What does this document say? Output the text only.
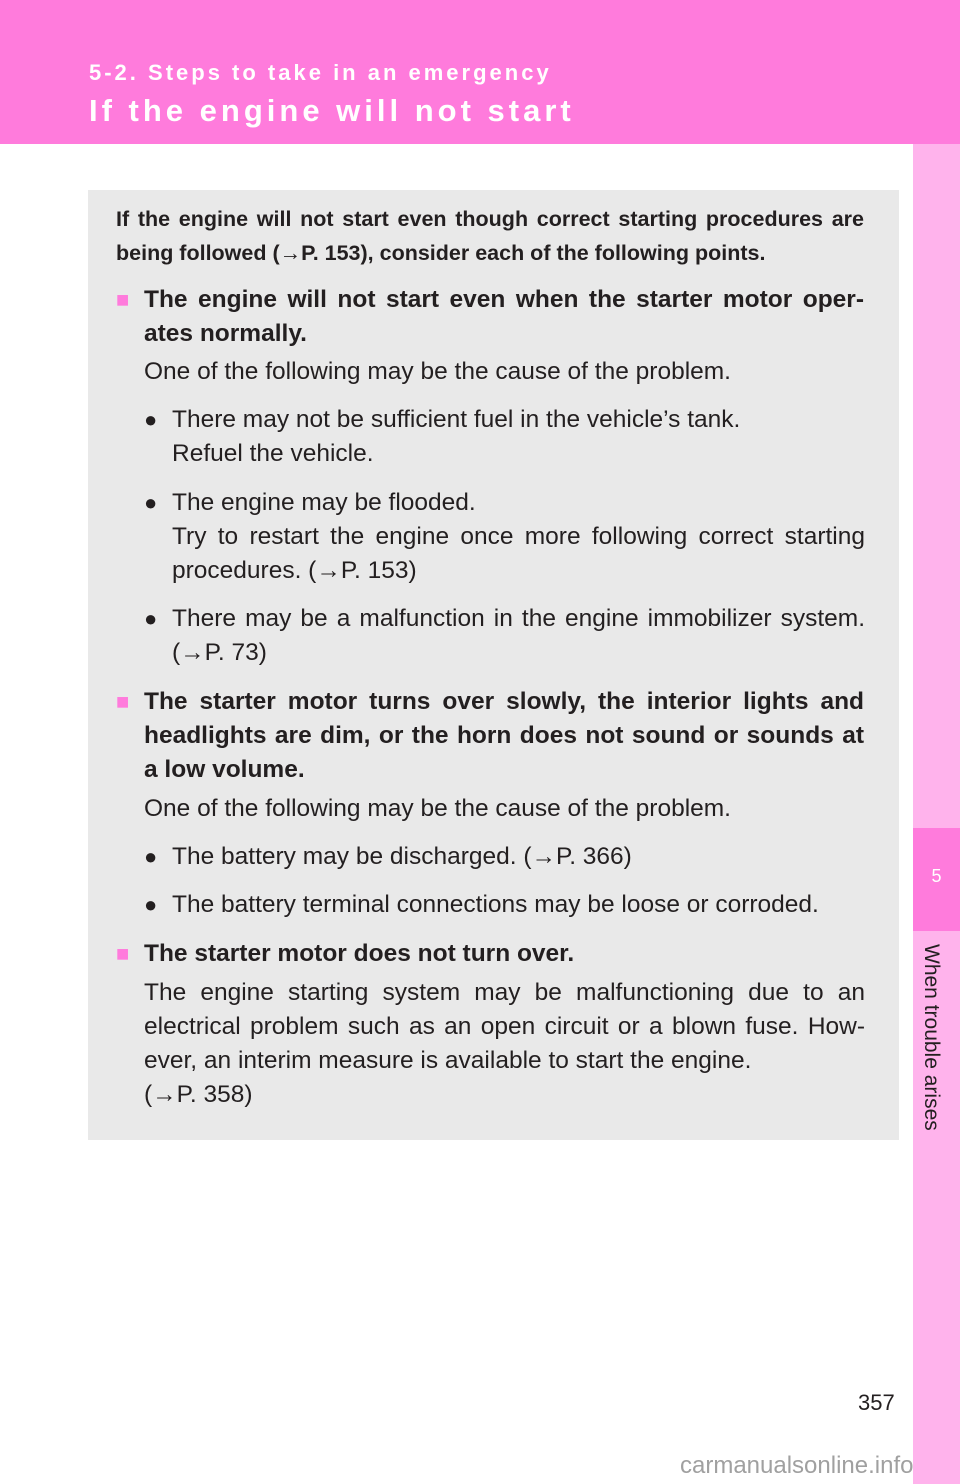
5-2. Steps to take in an emergency
If the engine will not start
5
When trouble arises
If the engine will not start even though correct starting procedures are being followed (→P. 153), consider each of the following points.
■ The engine will not start even when the starter motor oper-ates normally.
One of the following may be the cause of the problem.
● There may not be sufficient fuel in the vehicle’s tank.
Refuel the vehicle.
● The engine may be flooded.
Try to restart the engine once more following correct starting procedures. (→P. 153)
● There may be a malfunction in the engine immobilizer system. (→P. 73)
■ The starter motor turns over slowly, the interior lights and headlights are dim, or the horn does not sound or sounds at a low volume.
One of the following may be the cause of the problem.
● The battery may be discharged. (→P. 366)
● The battery terminal connections may be loose or corroded.
■ The starter motor does not turn over.
The engine starting system may be malfunctioning due to an electrical problem such as an open circuit or a blown fuse. How-ever, an interim measure is available to start the engine.
(→P. 358)
357
carmanualsonline.info
